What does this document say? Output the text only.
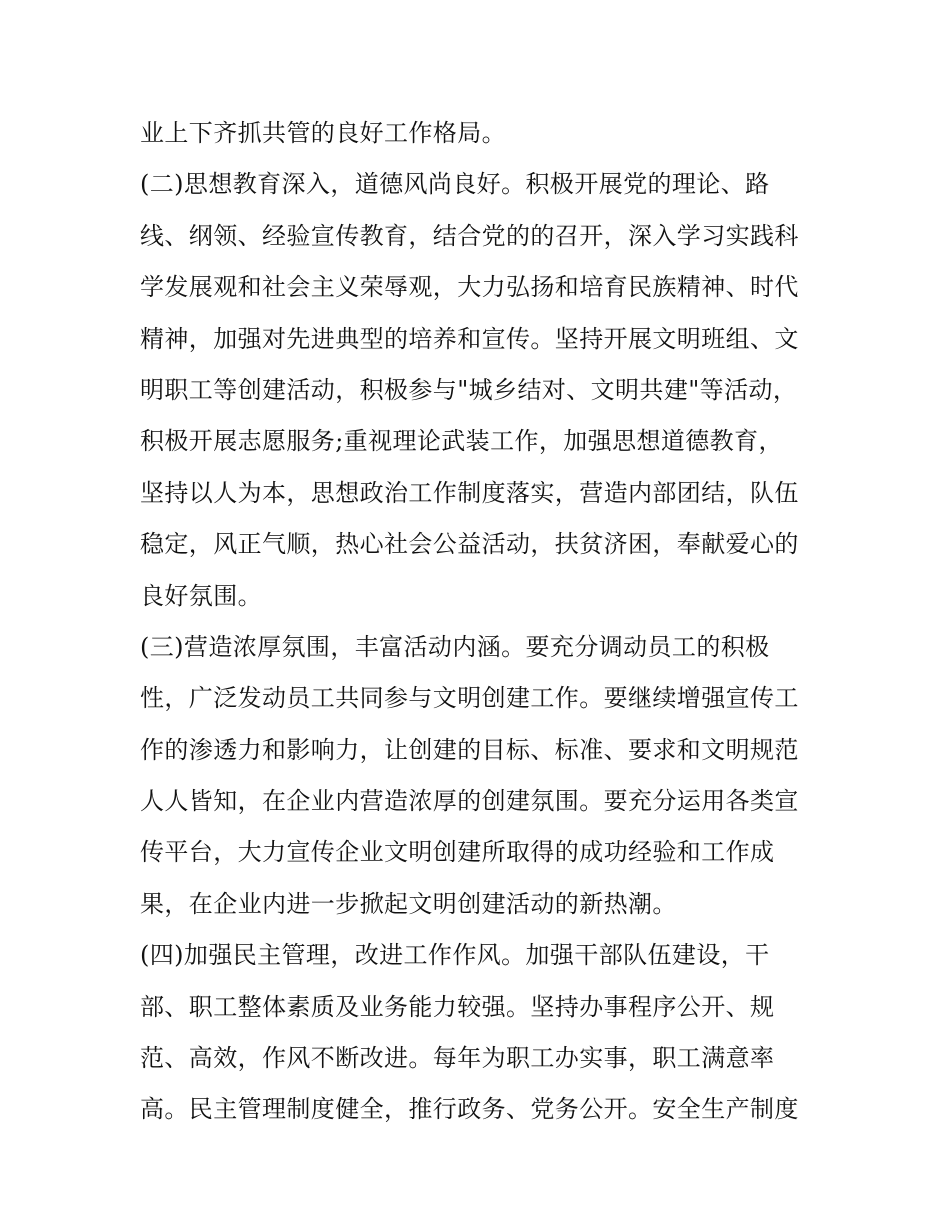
业上下齐抓共管的良好工作格局。
(二)思想教育深入，道德风尚良好。积极开展党的理论、路
线、纲领、经验宣传教育，结合党的的召开，深入学习实践科
学发展观和社会主义荣辱观，大力弘扬和培育民族精神、时代
精神，加强对先进典型的培养和宣传。坚持开展文明班组、文
明职工等创建活动，积极参与"城乡结对、文明共建"等活动，
积极开展志愿服务;重视理论武装工作，加强思想道德教育，
坚持以人为本，思想政治工作制度落实，营造内部团结，队伍
稳定，风正气顺，热心社会公益活动，扶贫济困，奉献爱心的
良好氛围。
(三)营造浓厚氛围，丰富活动内涵。要充分调动员工的积极
性，广泛发动员工共同参与文明创建工作。要继续增强宣传工
作的渗透力和影响力，让创建的目标、标准、要求和文明规范
人人皆知，在企业内营造浓厚的创建氛围。要充分运用各类宣
传平台，大力宣传企业文明创建所取得的成功经验和工作成
果，在企业内进一步掀起文明创建活动的新热潮。
(四)加强民主管理，改进工作作风。加强干部队伍建设，干
部、职工整体素质及业务能力较强。坚持办事程序公开、规
范、高效，作风不断改进。每年为职工办实事，职工满意率
高。民主管理制度健全，推行政务、党务公开。安全生产制度
